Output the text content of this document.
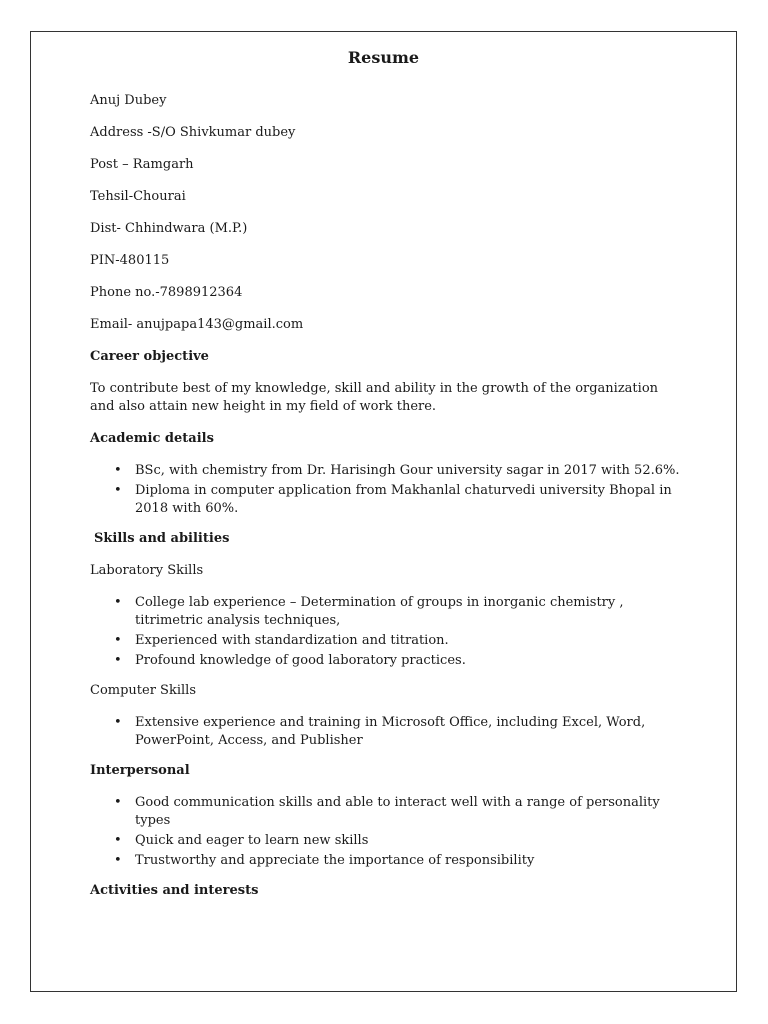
Resume
Anuj Dubey
Address -S/O Shivkumar dubey
Post – Ramgarh
Tehsil-Chourai
Dist- Chhindwara (M.P.)
PIN-480115
Phone no.-7898912364
Email- anujpapa143@gmail.com
Career objective
To contribute best of my knowledge, skill and ability in the growth of the organization and also attain new height in my field of work there.
Academic details
• BSc, with chemistry from Dr. Harisingh Gour university sagar in 2017 with 52.6%.
• Diploma in computer application from Makhanlal chaturvedi university Bhopal in 2018 with 60%.
Skills and abilities
Laboratory Skills
• College lab experience – Determination of groups in inorganic chemistry , titrimetric analysis techniques,
• Experienced with standardization and titration.
• Profound knowledge of good laboratory practices.
Computer Skills
• Extensive experience and training in Microsoft Office, including Excel, Word, PowerPoint, Access, and Publisher
Interpersonal
• Good communication skills and able to interact well with a range of personality types
• Quick and eager to learn new skills
• Trustworthy and appreciate the importance of responsibility
Activities and interests
